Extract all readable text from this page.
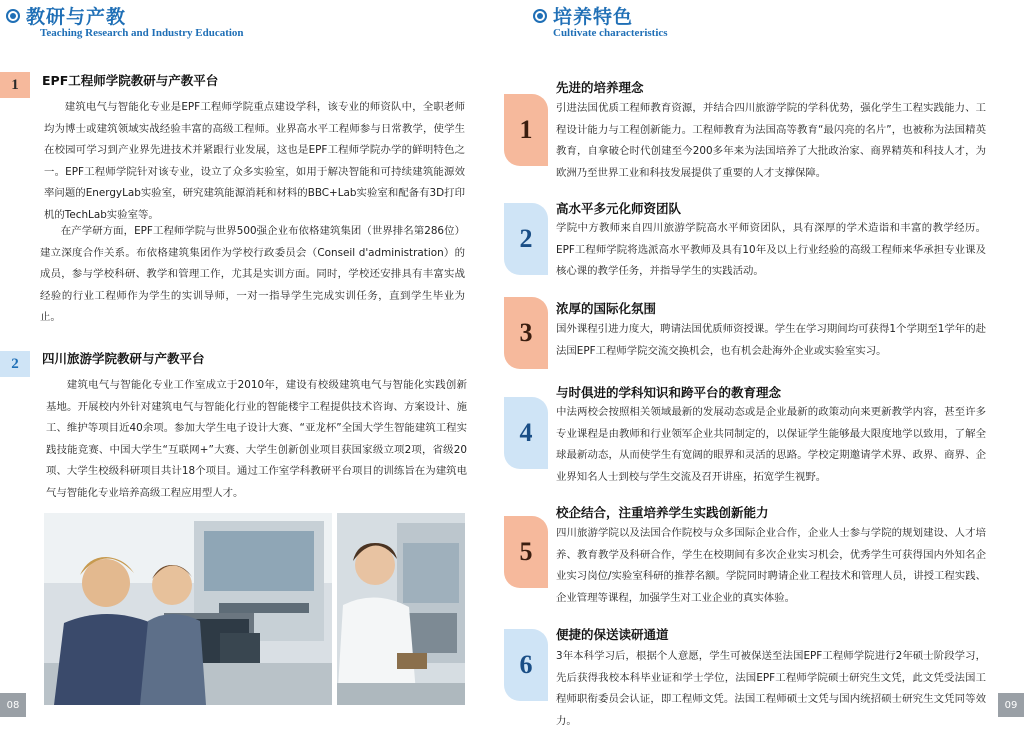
教研与产教
Teaching Research and Industry Education
1	EPF工程师学院教研与产教平台

建筑电气与智能化专业是EPF工程师学院重点建设学科，该专业的师资队中，全职老师均为博士或建筑领域实战经验丰富的高级工程师。业界高水平工程师参与日常教学，使学生在校园可学习到产业界先进技术并紧跟行业发展，这也是EPF工程师学院办学的鲜明特色之一。EPF工程师学院针对该专业，设立了众多实验室，如用于解决智能和可持续建筑能源效率问题的EnergyLab实验室，研究建筑能源消耗和材料的BBC+Lab实验室和配备有3D打印机的TechLab实验室等。

在产学研方面，EPF工程师学院与世界500强企业布依格建筑集团（世界排名第286位）建立深度合作关系。布依格建筑集团作为学校行政委员会（Conseil d'administration）的成员，参与学校科研、教学和管理工作，尤其是实训方面。同时，学校还安排具有丰富实战经验的行业工程师作为学生的实训导师，一对一指导学生完成实训任务，直到学生毕业为止。

2	四川旅游学院教研与产教平台

建筑电气与智能化专业工作室成立于2010年，建设有校级建筑电气与智能化实践创新基地。开展校内外针对建筑电气与智能化行业的智能楼宇工程提供技术咨询、方案设计、施工、维护等项目近40余项。参加大学生电子设计大赛、“亚龙杯”全国大学生智能建筑工程实践技能竞赛、中国大学生“互联网+”大赛、大学生创新创业项目获国家级立项2项，省级20项、大学生校级科研项目共计18个项目。通过工作室学科教研平台项目的训练旨在为建筑电气与智能化专业培养高级工程应用型人才。

08
培养特色
Cultivate characteristics
1
先进的培养理念

引进法国优质工程师教育资源，并结合四川旅游学院的学科优势，强化学生工程实践能力、工程设计能力与工程创新能力。工程师教育为法国高等教育“最闪亮的名片”，也被称为法国精英教育，自拿破仑时代创建至今200多年来为法国培养了大批政治家、商界精英和科技人才，为欧洲乃至世界工业和科技发展提供了重要的人才支撑保障。

2
高水平多元化师资团队

学院中方教师来自四川旅游学院高水平师资团队，具有深厚的学术造诣和丰富的教学经历。EPF工程师学院将选派高水平教师及具有10年及以上行业经验的高级工程师来华承担专业课及核心课的教学任务，并指导学生的实践活动。

3
浓厚的国际化氛围

国外课程引进力度大，聘请法国优质师资授课。学生在学习期间均可获得1个学期至1学年的赴法国EPF工程师学院交流交换机会，也有机会赴海外企业或实验室实习。

4
与时俱进的学科知识和跨平台的教育理念

中法两校会按照相关领域最新的发展动态或是企业最新的政策动向来更新教学内容，甚至许多专业课程是由教师和行业领军企业共同制定的，以保证学生能够最大限度地学以致用，了解全球最新动态，从而使学生有宽阔的眼界和灵活的思路。学校定期邀请学术界、政界、商界、企业界知名人士到校与学生交流及召开讲座，拓宽学生视野。

5
校企结合，注重培养学生实践创新能力

四川旅游学院以及法国合作院校与众多国际企业合作，企业人士参与学院的规划建设、人才培养、教育教学及科研合作，学生在校期间有多次企业实习机会，优秀学生可获得国内外知名企业实习岗位/实验室科研的推荐名额。学院同时聘请企业工程技术和管理人员，讲授工程实践、企业管理等课程，加强学生对工业企业的真实体验。

6
便捷的保送读研通道

3年本科学习后，根据个人意愿，学生可被保送至法国EPF工程师学院进行2年硕士阶段学习，先后获得我校本科毕业证和学士学位，法国EPF工程师学院硕士研究生文凭，此文凭受法国工程师职衔委员会认证，即工程师文凭。法国工程师硕士文凭与国内统招硕士研究生文凭同等效力。

09
